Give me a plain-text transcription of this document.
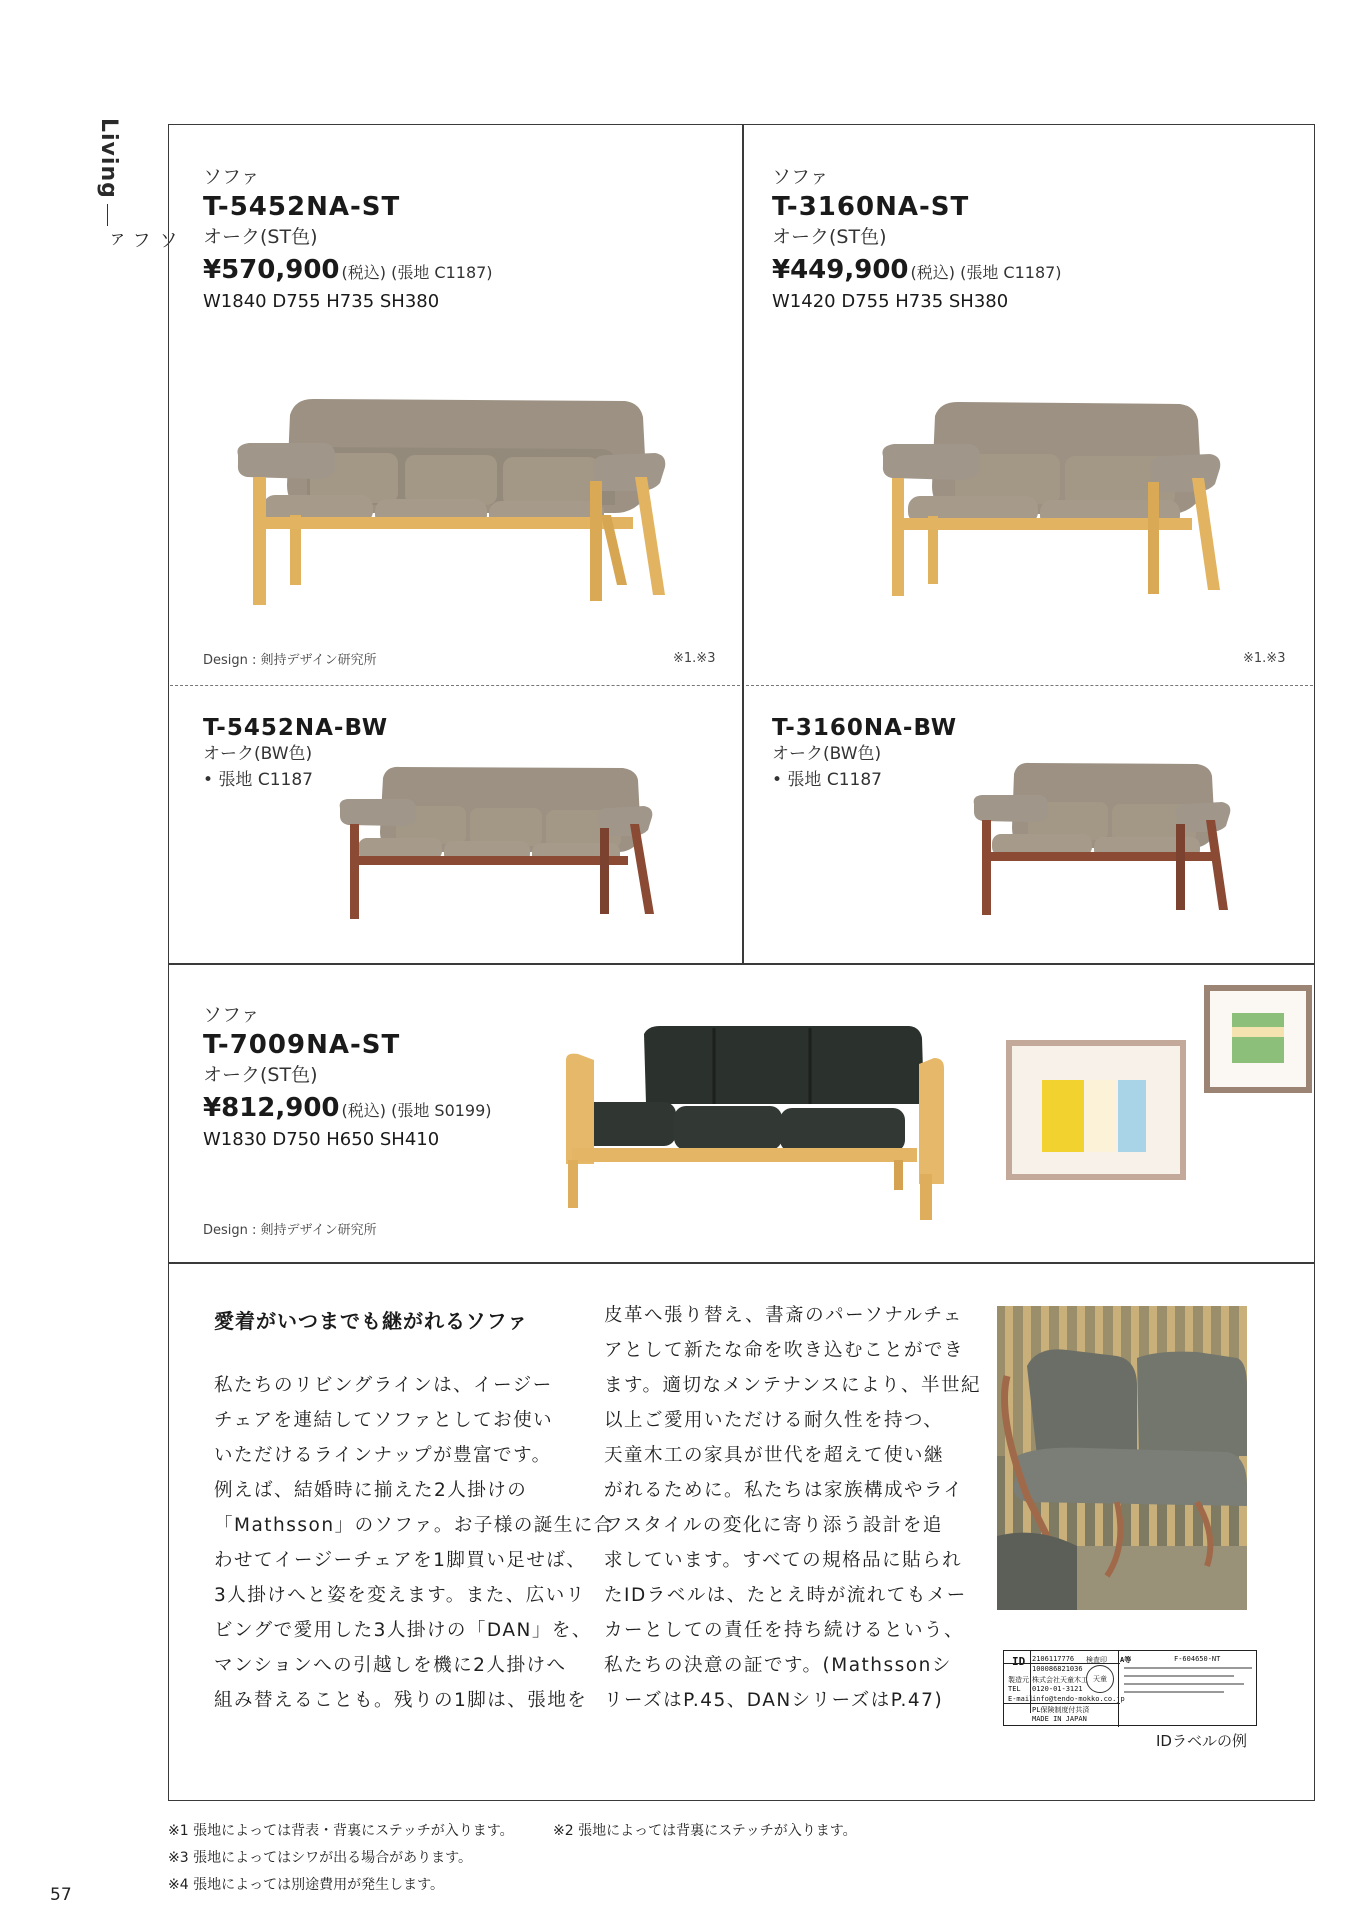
Living
ソファ
ソファ
T-5452NA-ST
オーク(ST色)
¥570,900 (税込) (張地 C1187)
W1840 D755 H735 SH380
Design : 剣持デザイン研究所	※1.※3
ソファ
T-3160NA-ST
オーク(ST色)
¥449,900 (税込) (張地 C1187)
W1420 D755 H735 SH380
※1.※3
T-5452NA-BW
オーク(BW色)
• 張地 C1187
T-3160NA-BW
オーク(BW色)
• 張地 C1187
ソファ
T-7009NA-ST
オーク(ST色)
¥812,900 (税込) (張地 S0199)
W1830 D750 H650 SH410
Design : 剣持デザイン研究所
愛着がいつまでも継がれるソファ
私たちのリビングラインは、イージー
チェアを連結してソファとしてお使い
いただけるラインナップが豊富です。
例えば、結婚時に揃えた2人掛けの
「Mathsson」のソファ。お子様の誕生に合
わせてイージーチェアを1脚買い足せば、
3人掛けへと姿を変えます。また、広いリ
ビングで愛用した3人掛けの「DAN」を、
マンションへの引越しを機に2人掛けへ
組み替えることも。残りの1脚は、張地を
皮革へ張り替え、書斎のパーソナルチェ
アとして新たな命を吹き込むことができ
ます。適切なメンテナンスにより、半世紀
以上ご愛用いただける耐久性を持つ、
天童木工の家具が世代を超えて使い継
がれるために。私たちは家族構成やライ
フスタイルの変化に寄り添う設計を追
求しています。すべての規格品に貼られ
たIDラベルは、たとえ時が流れてもメー
カーとしての責任を持ち続けるという、
私たちの決意の証です。(Mathssonシ
リーズはP.45、DANシリーズはP.47)
ID 2106117776 検査印 A等	F-604650-NT
100086821036
製造元 株式会社天童木工
TEL 0120-01-3121
E-mail
info@tendo-mokko.co.jp
PL保険制度付共済
MADE IN JAPAN
天童
IDラベルの例
※1 張地によっては背表・背裏にステッチが入ります。	※2 張地によっては背裏にステッチが入ります。
※3 張地によってはシワが出る場合があります。
※4 張地によっては別途費用が発生します。
57
